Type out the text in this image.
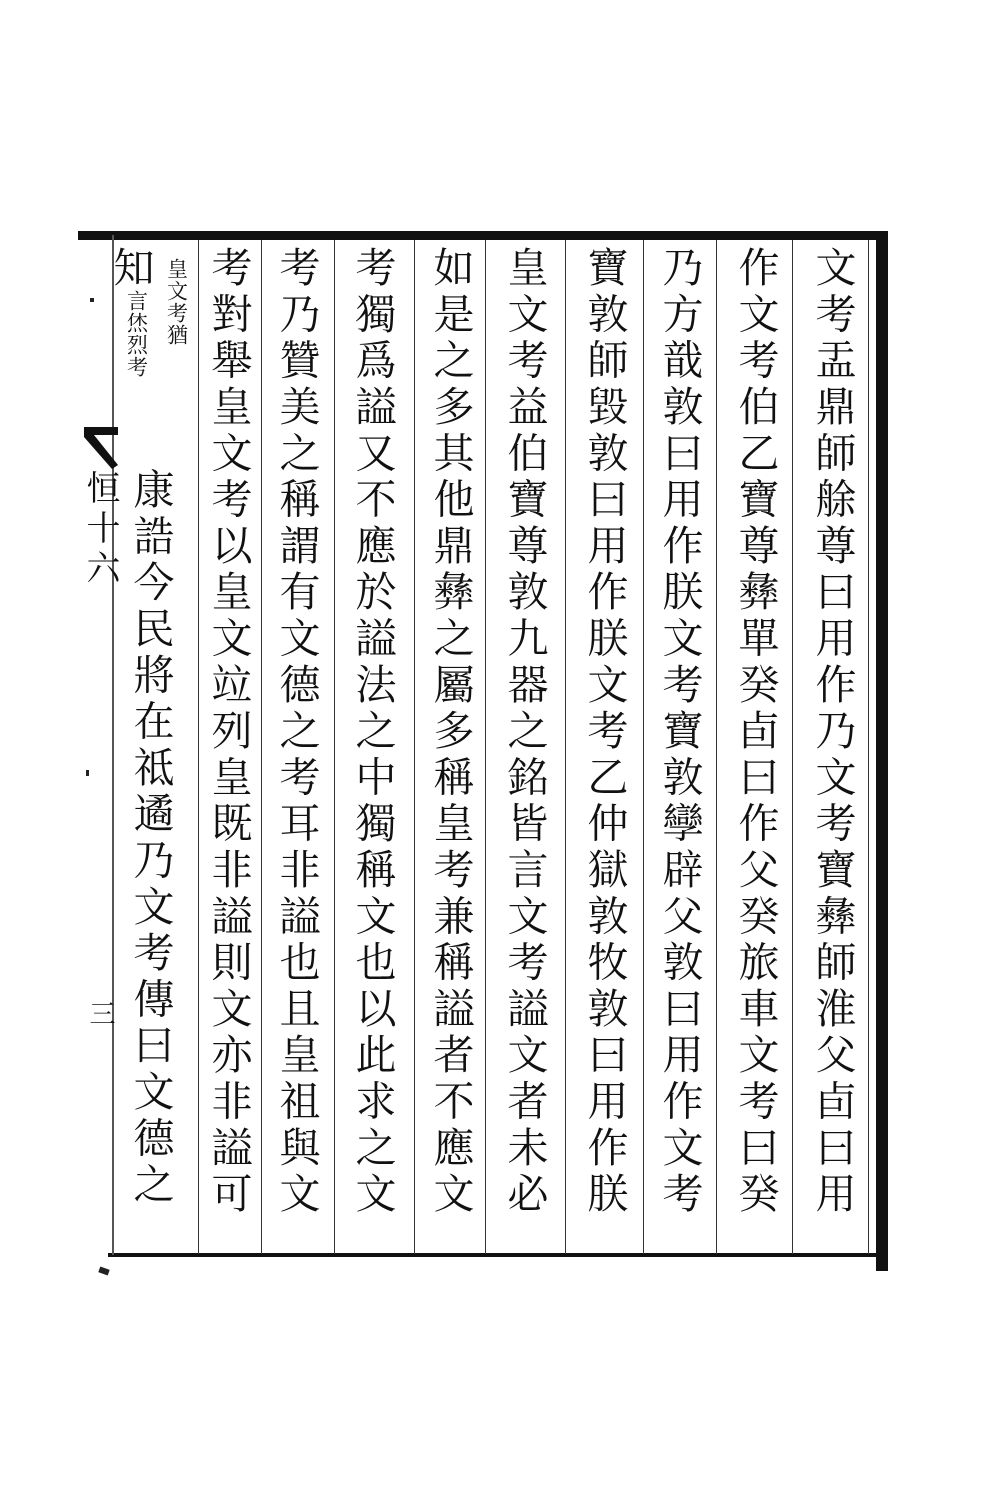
文考盂鼎師艅尊曰用作乃文考寶彝師淮父卣曰用
作文考伯乙寶尊彝單癸卣曰作父癸旅車文考曰癸
乃方戠敦曰用作朕文考寶敦孿辟父敦曰用作文考
寶敦師毀敦曰用作朕文考乙仲獄敦牧敦曰用作朕
皇文考益伯寶尊敦九器之銘皆言文考謚文者未必
如是之多其他鼎彝之屬多稱皇考兼稱謚者不應文
考獨爲謚又不應於謚法之中獨稱文也以此求之文
考乃贊美之稱謂有文德之考耳非謚也且皇祖與文
考對舉皇文考以皇文竝列皇既非謚則文亦非謚可
知 皇文考猶
言烋烈考
康誥今民將在祗遹乃文考傳曰文德之
恒十六
三
